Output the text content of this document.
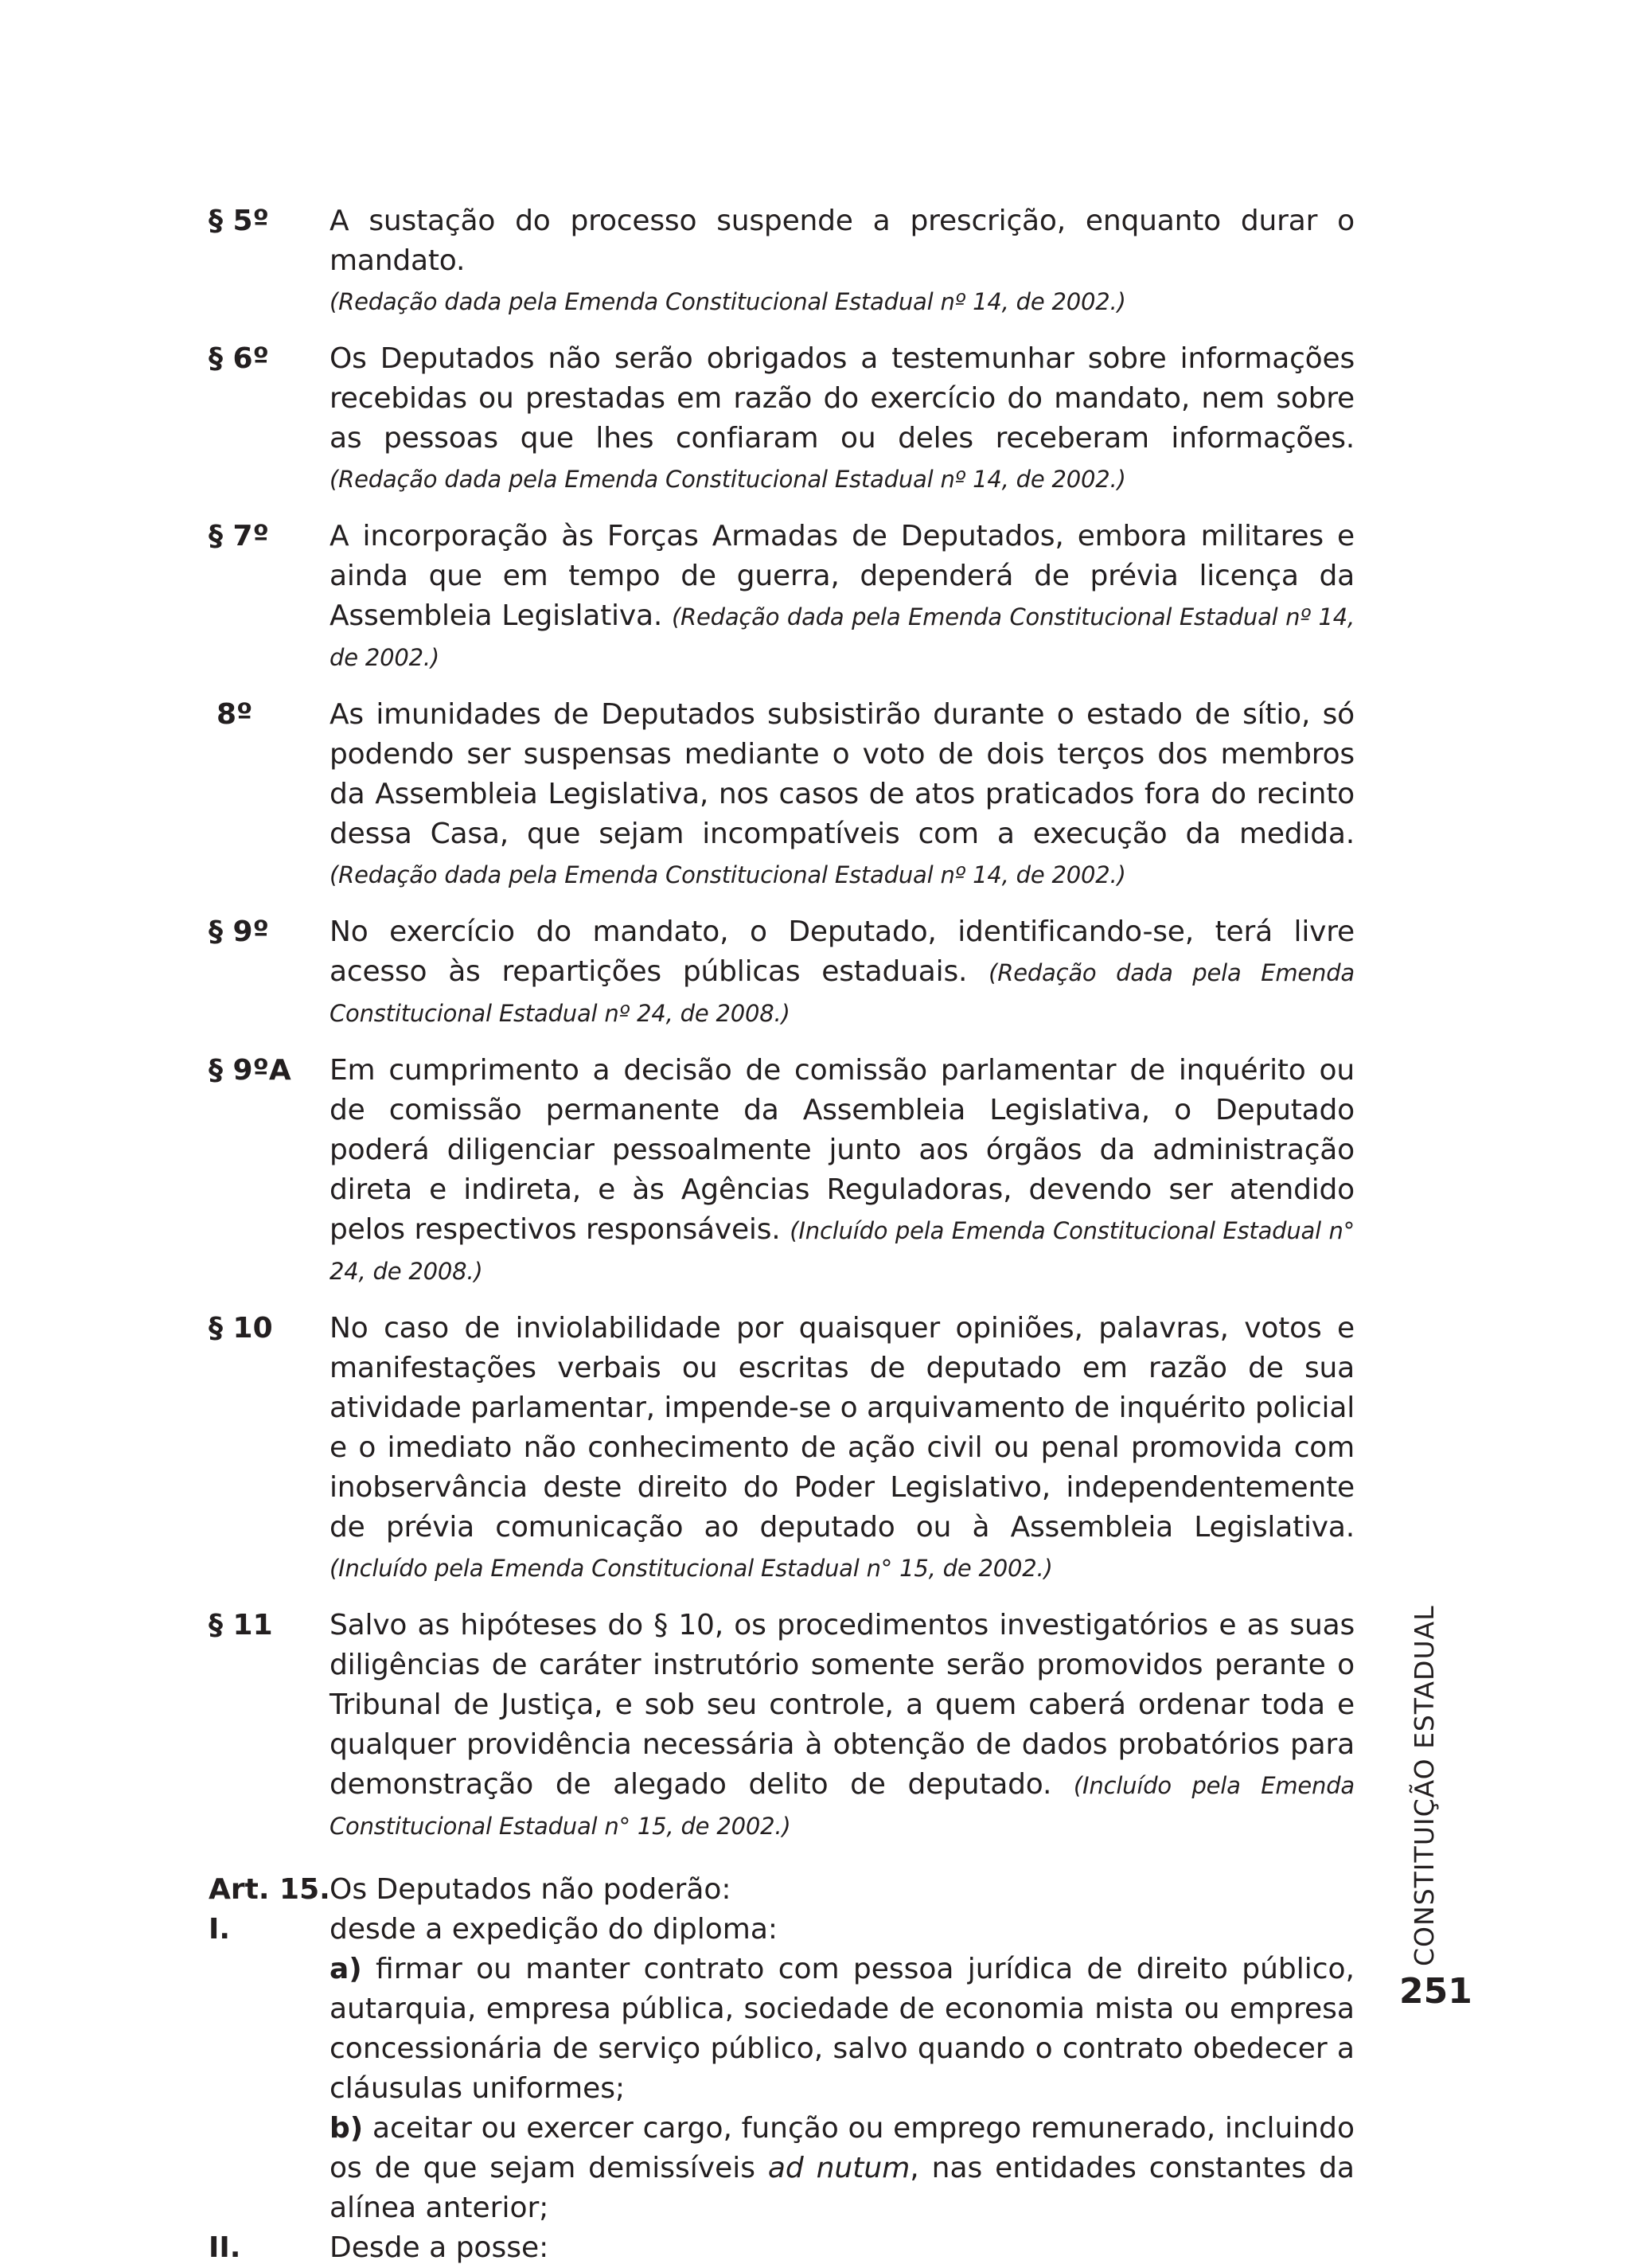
§ 5º A sustação do processo suspende a prescrição, enquanto durar o mandato.
(Redação dada pela Emenda Constitucional Estadual nº 14, de 2002.)
§ 6º Os Deputados não serão obrigados a testemunhar sobre informações recebidas ou prestadas em razão do exercício do mandato, nem sobre as pessoas que lhes confiaram ou deles receberam informações. (Redação dada pela Emenda Constitucional Estadual nº 14, de 2002.)
§ 7º A incorporação às Forças Armadas de Deputados, embora militares e ainda que em tempo de guerra, dependerá de prévia licença da Assembleia Legislativa. (Redação dada pela Emenda Constitucional Estadual nº 14, de 2002.)
8º	As imunidades de Deputados subsistirão durante o estado de sítio, só podendo ser suspensas mediante o voto de dois terços dos membros da Assembleia Legislativa, nos casos de atos praticados fora do recinto dessa Casa, que sejam incompatíveis com a execução da medida. (Redação dada pela Emenda Constitucional Estadual nº 14, de 2002.)
§ 9º No exercício do mandato, o Deputado, identificando-se, terá livre acesso às repartições públicas estaduais. (Redação dada pela Emenda Constitucional Estadual nº 24, de 2008.)
§ 9ºA Em cumprimento a decisão de comissão parlamentar de inquérito ou de comissão permanente da Assembleia Legislativa, o Deputado poderá diligenciar pessoalmente junto aos órgãos da administração direta e indireta, e às Agências Reguladoras, devendo ser atendido pelos respectivos responsáveis. (Incluído pela Emenda Constitucional Estadual n° 24, de 2008.)
§ 10 No caso de inviolabilidade por quaisquer opiniões, palavras, votos e manifestações verbais ou escritas de deputado em razão de sua atividade parlamentar, impende-se o arquivamento de inquérito policial e o imediato não conhecimento de ação civil ou penal promovida com inobservância deste direito do Poder Legislativo, independentemente de prévia comunicação ao deputado ou à Assembleia Legislativa. (Incluído pela Emenda Constitucional Estadual n° 15, de 2002.)
§ 11 Salvo as hipóteses do § 10, os procedimentos investigatórios e as suas diligências de caráter instrutório somente serão promovidos perante o Tribunal de Justiça, e sob seu controle, a quem caberá ordenar toda e qualquer providência necessária à obtenção de dados probatórios para demonstração de alegado delito de deputado. (Incluído pela Emenda Constitucional Estadual n° 15, de 2002.)
Art. 15. Os Deputados não poderão:
I.	desde a expedição do diploma:
a) firmar ou manter contrato com pessoa jurídica de direito público, autarquia, empresa pública, sociedade de economia mista ou empresa concessionária de serviço público, salvo quando o contrato obedecer a cláusulas uniformes;
b) aceitar ou exercer cargo, função ou emprego remunerado, incluindo os de que sejam demissíveis ad nutum, nas entidades constantes da alínea anterior;
II.	Desde a posse:
CONSTITUIÇÃO ESTADUAL
251
